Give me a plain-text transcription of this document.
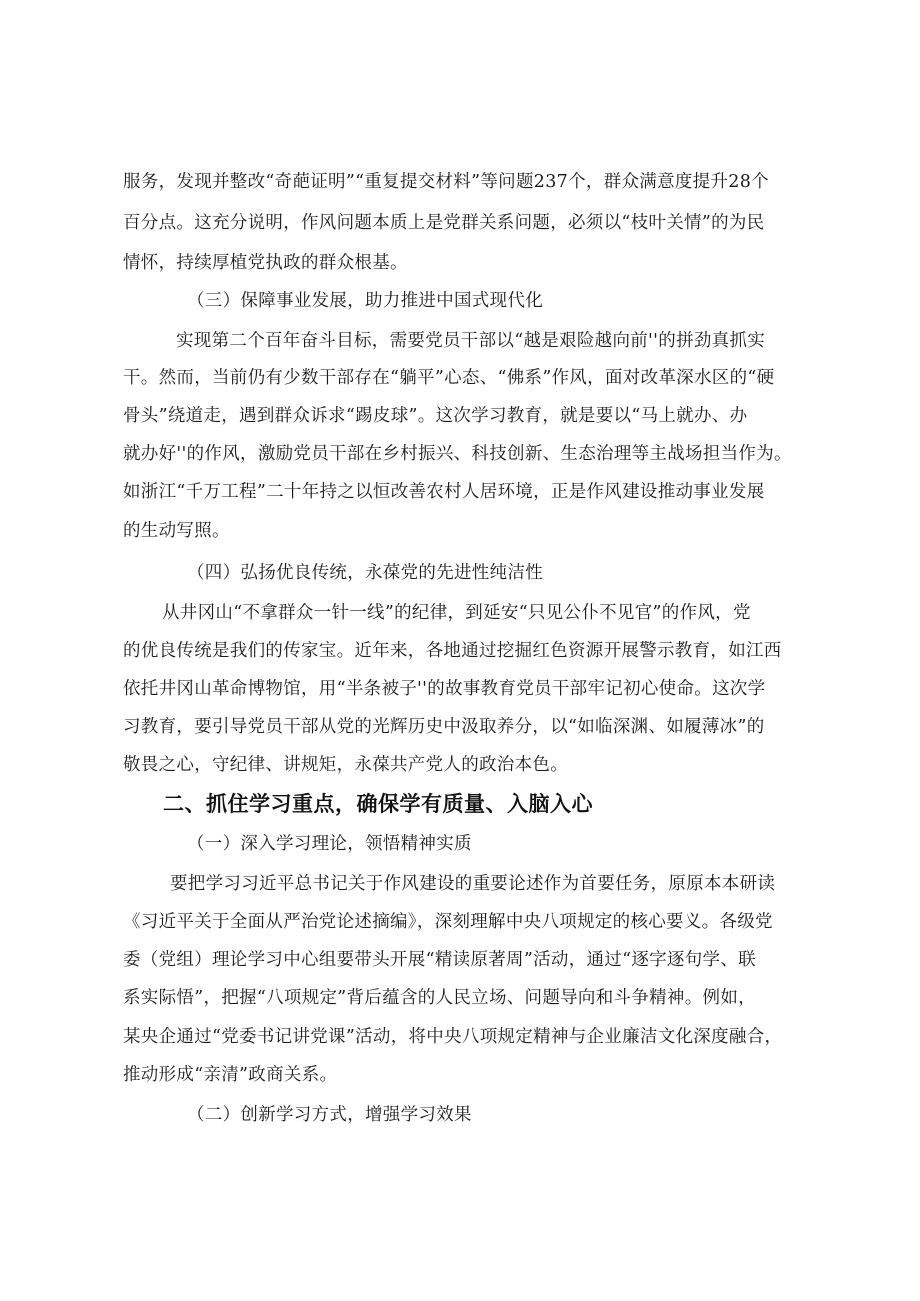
服务，发现并整改“奇葩证明”“重复提交材料”等问题237个，群众满意度提升28个
百分点。这充分说明，作风问题本质上是党群关系问题，必须以“枝叶关情”的为民
情怀，持续厚植党执政的群众根基。
（三）保障事业发展，助力推进中国式现代化
实现第二个百年奋斗目标，需要党员干部以“越是艰险越向前''的拼劲真抓实
干。然而，当前仍有少数干部存在“躺平”心态、“佛系”作风，面对改革深水区的“硬
骨头”绕道走，遇到群众诉求“踢皮球”。这次学习教育，就是要以“马上就办、办
就办好''的作风，激励党员干部在乡村振兴、科技创新、生态治理等主战场担当作为。
如浙江“千万工程”二十年持之以恒改善农村人居环境，正是作风建设推动事业发展
的生动写照。
（四）弘扬优良传统，永葆党的先进性纯洁性
从井冈山“不拿群众一针一线”的纪律，到延安“只见公仆不见官”的作风，党
的优良传统是我们的传家宝。近年来，各地通过挖掘红色资源开展警示教育，如江西
依托井冈山革命博物馆，用“半条被子''的故事教育党员干部牢记初心使命。这次学
习教育，要引导党员干部从党的光辉历史中汲取养分，以“如临深渊、如履薄冰”的
敬畏之心，守纪律、讲规矩，永葆共产党人的政治本色。
二、抓住学习重点，确保学有质量、入脑入心
（一）深入学习理论，领悟精神实质
要把学习习近平总书记关于作风建设的重要论述作为首要任务，原原本本研读
《习近平关于全面从严治党论述摘编》，深刻理解中央八项规定的核心要义。各级党
委（党组）理论学习中心组要带头开展“精读原著周”活动，通过“逐字逐句学、联
系实际悟”，把握“八项规定”背后蕴含的人民立场、问题导向和斗争精神。例如，
某央企通过“党委书记讲党课”活动，将中央八项规定精神与企业廉洁文化深度融合，
推动形成“亲清”政商关系。
（二）创新学习方式，增强学习效果
